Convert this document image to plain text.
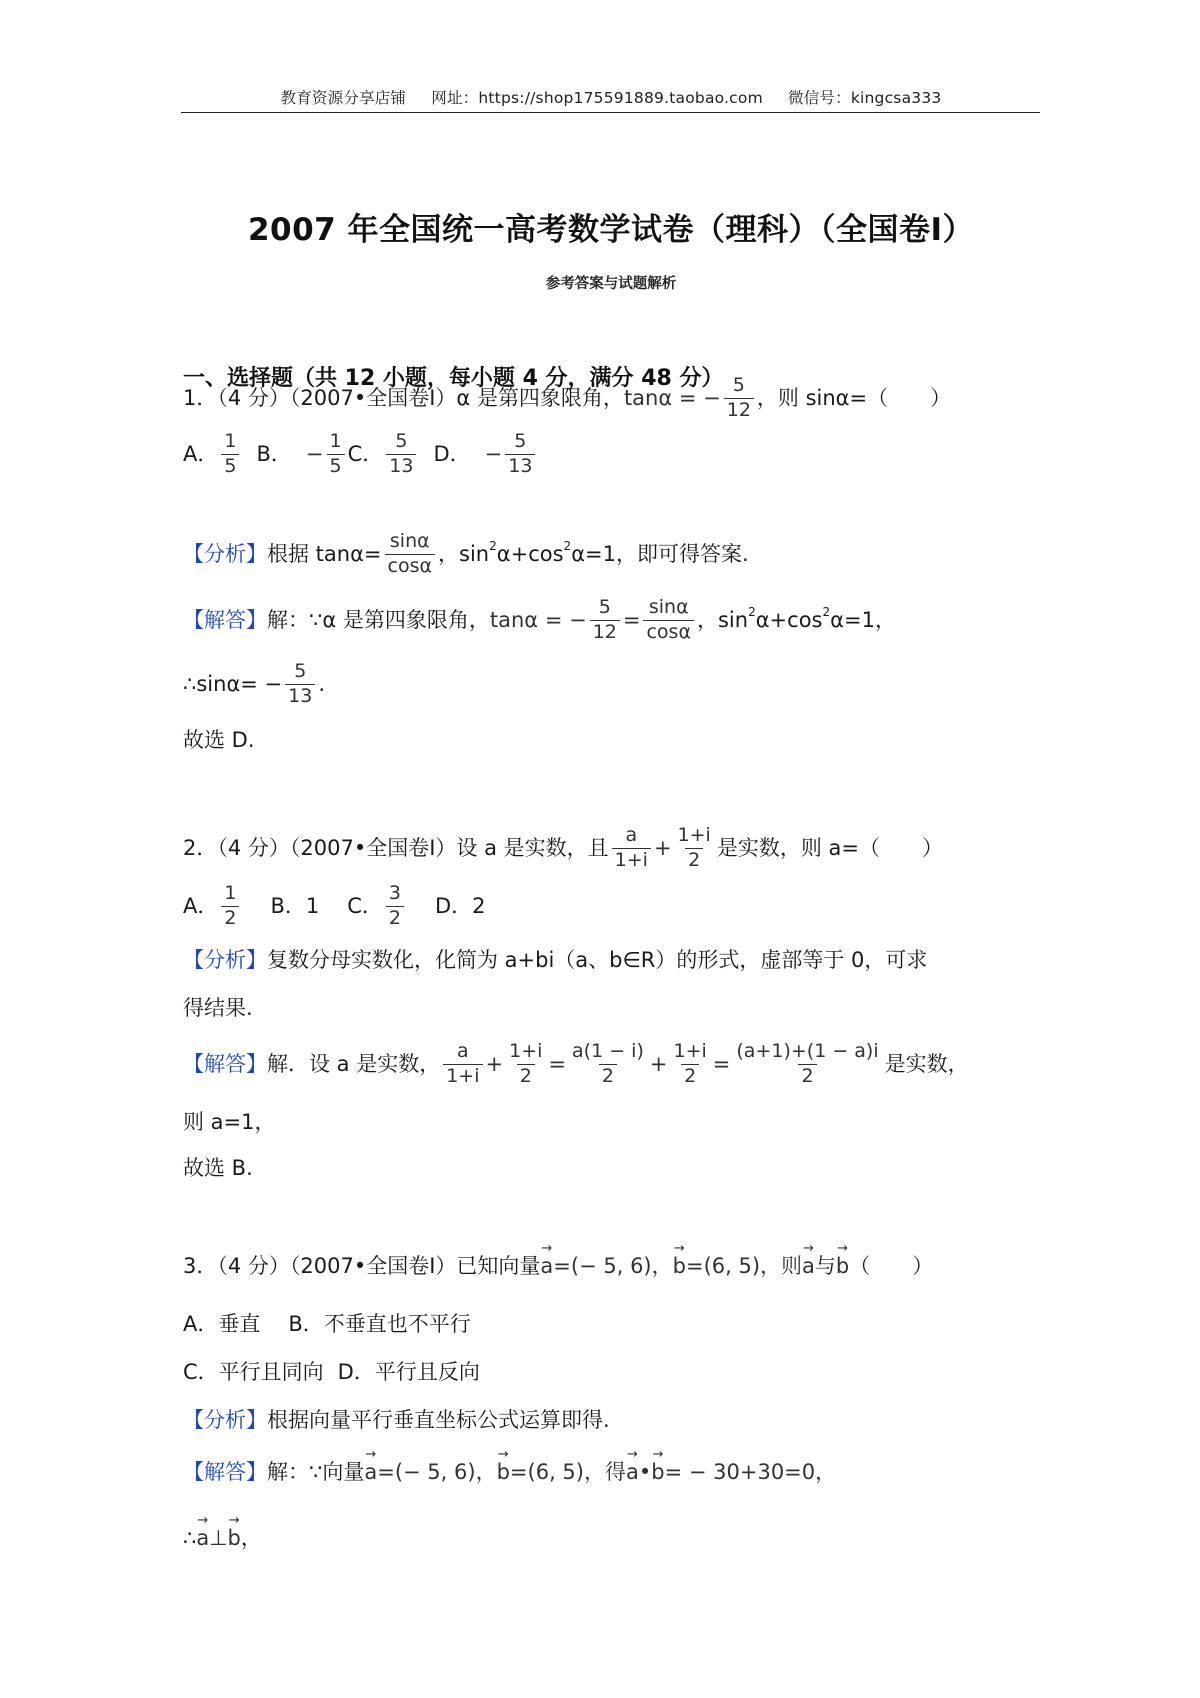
教育资源分享店铺 网址：https://shop175591889.taobao.com 微信号：kingcsa333
2007 年全国统一高考数学试卷（理科）（全国卷Ⅰ）
参考答案与试题解析
一、选择题（共 12 小题，每小题 4 分，满分 48 分）
1．（4 分）（2007•全国卷Ⅰ）α 是第四象限角， tanα = − $\frac{5}{12}$ ，则 sinα=（　　）
A． $\frac{1}{5}$ B． − $\frac{1}{5}$ C． $\frac{5}{13}$ D． − $\frac{5}{13}$
【分析】 根据 $\tan\alpha= \frac{\sin\alpha}{\cos\alpha}$ ，$\sin^2 \alpha+\cos^2$ α=1，即可得答案.
【解答】 解：∵α 是第四象限角， tanα = − $\frac{5}{12} = \frac{\sin\alpha}{\cos\alpha}$ ，$\sin^2 \alpha+\cos^2$ α=1，
∴sinα= − $\frac{5}{13}$ .
故选 D.
2．（4 分）（2007•全国卷Ⅰ）设 a 是实数，且 $\frac{a}{1+i} + \frac{1+i}{2}$ 是实数，则 a=（　　）
A． $\frac{1}{2}$ B．1 C． $\frac{3}{2}$ D．2
【分析】 复数分母实数化，化简为 a+bi（a、b∈R）的形式，虚部等于 0，可求
得结果.
【解答】 解．设 a 是实数， $\frac{a}{1+i} + \frac{1+i}{2} = \frac{a(1 - i)}{2} + \frac{1+i}{2} = \frac{(a+1)+(1 - a)i}{2}$ 是实数，
则 a=1，
故选 B.
3．（4 分）（2007•全国卷Ⅰ）已知向量 → a =(− 5, 6)， → b =(6, 5)，则 → a 与 → b （　　）
A．垂直 B．不垂直也不平行
C．平行且同向 D．平行且反向
【分析】 根据向量平行垂直坐标公式运算即得.
【解答】 解：∵向量 → a =(− 5, 6)， → b =(6, 5)，得 → a • → b = − 30+30=0，
∴ → a ⊥ → b ，
